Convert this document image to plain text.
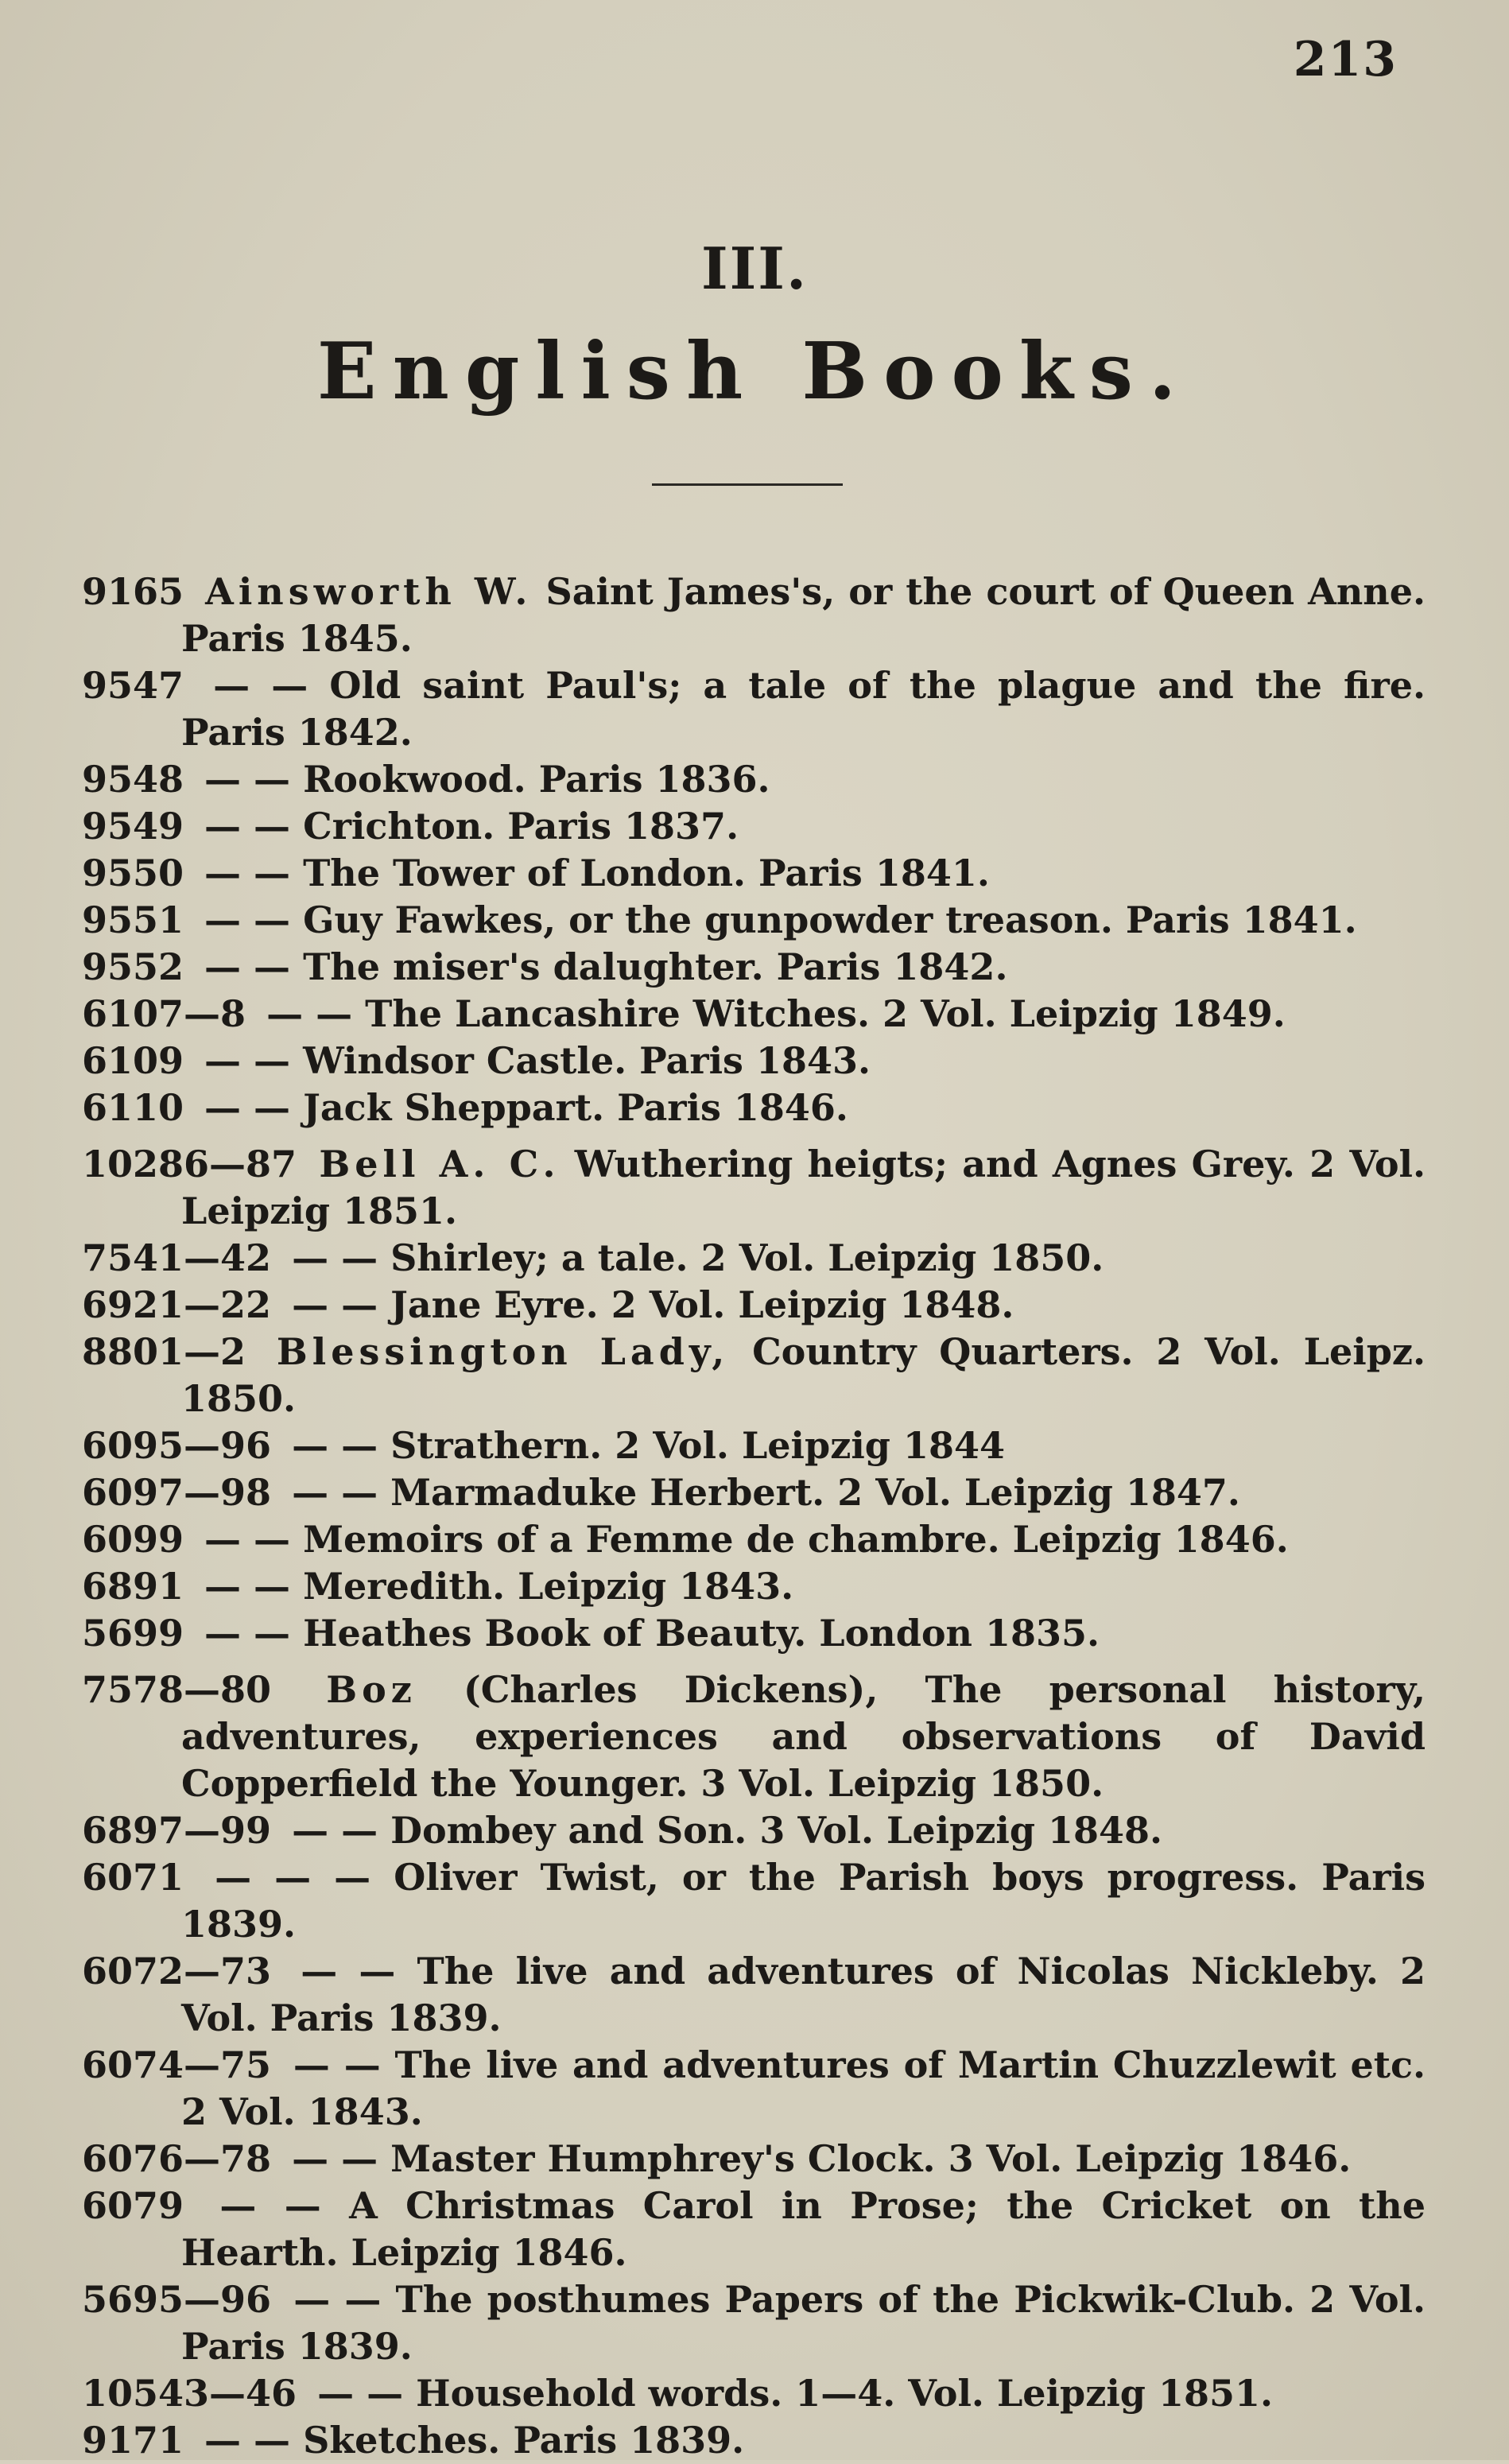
213
III.
English Books.
9165 Ainsworth W. Saint James's, or the court of Queen Anne. Paris 1845.
9547 — — Old saint Paul's; a tale of the plague and the fire. Paris 1842.
9548 — — Rookwood. Paris 1836.
9549 — — Crichton. Paris 1837.
9550 — — The Tower of London. Paris 1841.
9551 — — Guy Fawkes, or the gunpowder treason. Paris 1841.
9552 — — The miser's dalughter. Paris 1842.
6107—8 — — The Lancashire Witches. 2 Vol. Leipzig 1849.
6109 — — Windsor Castle. Paris 1843.
6110 — — Jack Sheppart. Paris 1846.
10286—87 Bell A. C. Wuthering heigts; and Agnes Grey. 2 Vol. Leipzig 1851.
7541—42 — — Shirley; a tale. 2 Vol. Leipzig 1850.
6921—22 — — Jane Eyre. 2 Vol. Leipzig 1848.
8801—2 Blessington Lady, Country Quarters. 2 Vol. Leipz. 1850.
6095—96 — — Strathern. 2 Vol. Leipzig 1844
6097—98 — — Marmaduke Herbert. 2 Vol. Leipzig 1847.
6099 — — Memoirs of a Femme de chambre. Leipzig 1846.
6891 — — Meredith. Leipzig 1843.
5699 — — Heathes Book of Beauty. London 1835.
7578—80 Boz (Charles Dickens), The personal history, adventures, experiences and observations of David Copperfield the Younger. 3 Vol. Leipzig 1850.
6897—99 — — Dombey and Son. 3 Vol. Leipzig 1848.
6071 — — — Oliver Twist, or the Parish boys progress. Paris 1839.
6072—73 — — The live and adventures of Nicolas Nickleby. 2 Vol. Paris 1839.
6074—75 — — The live and adventures of Martin Chuzzlewit etc. 2 Vol. 1843.
6076—78 — — Master Humphrey's Clock. 3 Vol. Leipzig 1846.
6079 — — A Christmas Carol in Prose; the Cricket on the Hearth. Leipzig 1846.
5695—96 — — The posthumes Papers of the Pickwik-Club. 2 Vol. Paris 1839.
10543—46 — — Household words. 1—4. Vol. Leipzig 1851.
9171 — — Sketches. Paris 1839.
